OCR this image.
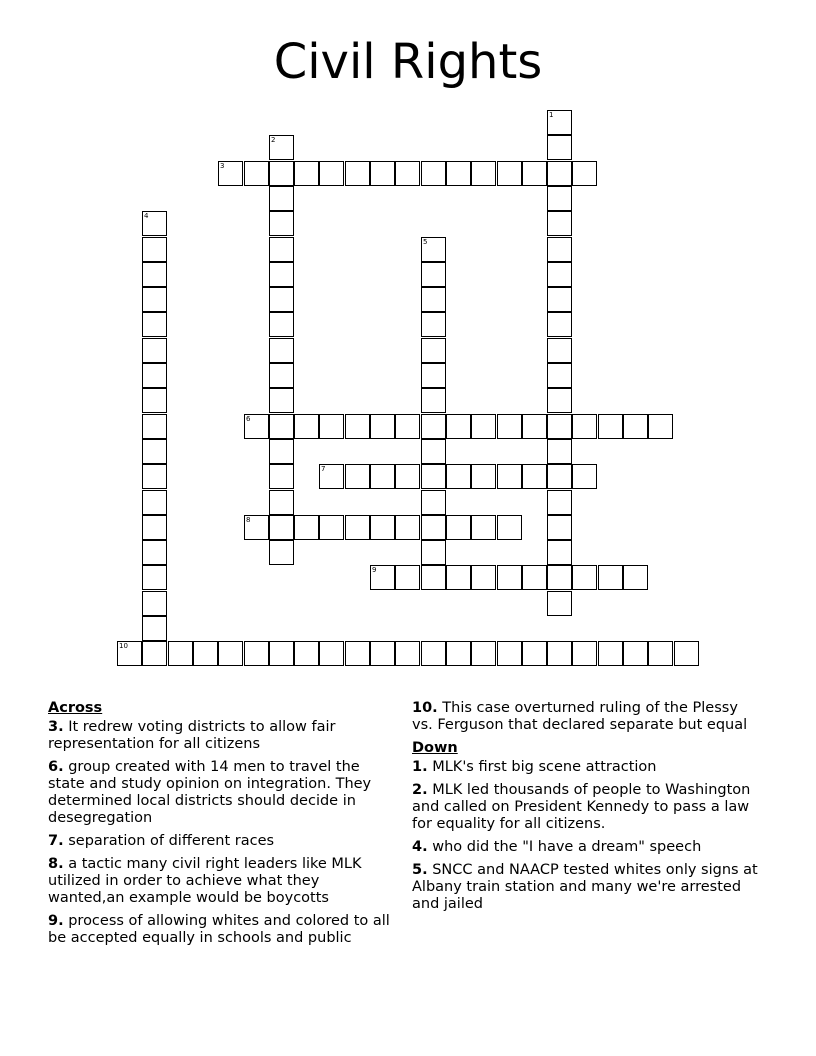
Civil Rights
1
2
3
4
5
6
7
8
9
10
Across
3. It redrew voting districts to allow fair representation for all citizens
6. group created with 14 men to travel the state and study opinion on integration. They determined local districts should decide in desegregation
7. separation of different races
8. a tactic many civil right leaders like MLK utilized in order to achieve what they wanted,an example would be boycotts
9. process of allowing whites and colored to all be accepted equally in schools and public
10. This case overturned ruling of the Plessy vs. Ferguson that declared separate but equal
Down
1. MLK's first big scene attraction
2. MLK led thousands of people to Washington and called on President Kennedy to pass a law for equality for all citizens.
4. who did the "I have a dream" speech
5. SNCC and NAACP tested whites only signs at Albany train station and many we're arrested and jailed
